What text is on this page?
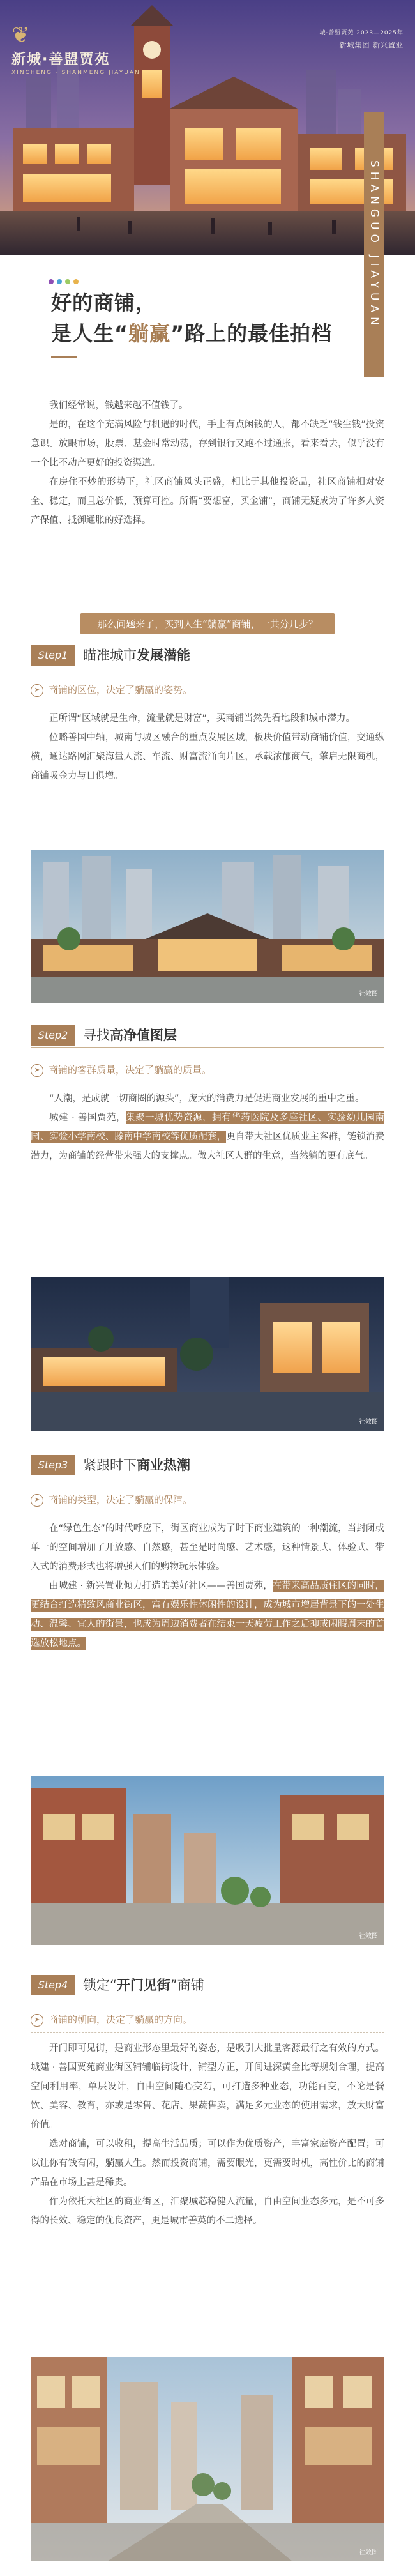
❦
新城·善盟贾苑
XINCHENG · SHANMENG JIAYUAN
城·善盟贾苑 2023—2025年
新城集团 新兴置业
SHANGUO JIAYUAN
好的商铺，
是人生“躺赢”路上的最佳拍档

我们经常说，钱越来越不值钱了。

是的，在这个充满风险与机遇的时代，手上有点闲钱的人，都不缺乏“钱生钱”投资意识。放眼市场，股票、基金时常动荡，存到银行又跑不过通胀，看来看去，似乎没有一个比不动产更好的投资渠道。

在房住不炒的形势下，社区商铺风头正盛，相比于其他投资品，社区商铺相对安全、稳定，而且总价低，预算可控。所谓“要想富，买金铺”，商铺无疑成为了许多人资产保值、抵御通胀的好选择。

那么问题来了，买到人生“躺赢”商铺，一共分几步？
Step1	瞄准城市发展潜能
➤ 商铺的区位，决定了躺赢的姿势。

正所谓“区域就是生命，流量就是财富”，买商铺当然先看地段和城市潜力。

位璐善国中轴，城南与城区融合的重点发展区域，板块价值带动商铺价值，交通纵横，通达路网汇聚海量人流、车流、财富流涌向片区，承载浓郁商气，擎启无限商机，商铺吸金力与日俱增。

社效图
Step2	寻找高净值图层
➤ 商铺的客群质量，决定了躺赢的质量。

“人潮，是成就一切商圈的源头”，庞大的消费力是促进商业发展的重中之重。

城建 · 善国贾苑，集聚一城优势资源，拥有华药医院及多座社区、实验幼儿园南园、实验小学南校、滕南中学南校等优质配套，更自带大社区优质业主客群，链锁消费潜力，为商铺的经营带来强大的支撑点。做大社区人群的生意，当然躺的更有底气。

社效图
Step3	紧跟时下商业热潮
➤ 商铺的类型，决定了躺赢的保障。

在“绿色生态”的时代呼应下，街区商业成为了时下商业建筑的一种潮流，当封闭或单一的空间增加了开放感、自然感，甚至是时尚感、艺术感，这种情景式、体验式、带入式的消费形式也将增强人们的购物玩乐体验。

由城建 · 新兴置业倾力打造的美好社区——善国贾苑，在带来高品质住区的同时，更结合打造精致风商业街区，富有娱乐性休闲性的设计，成为城市增居背景下的一处生动、温馨、宜人的街景，也成为周边消费者在结束一天疲劳工作之后抑或闲暇周末的首选放松地点。

社效图
Step4	锁定“开门见街”商铺
➤ 商铺的朝向，决定了躺赢的方向。

开门即可见街，是商业形态里最好的姿态，是吸引大批量客源最行之有效的方式。城建 · 善国贾苑商业街区铺铺临街设计，铺型方正，开间进深黄金比等规划合理，提高空间利用率，单层设计，自由空间随心变幻，可打造多种业态，功能百变，不论是餐饮、美容、教育，亦或是零售、花店、果蔬售卖，满足多元业态的使用需求，放大财富价值。

选对商铺，可以收租，提高生活品质；可以作为优质资产，丰富家庭资产配置；可以让你有钱有闲，躺赢人生。然而投资商铺，需要眼光，更需要时机，高性价比的商铺产品在市场上甚是稀贵。

作为依托大社区的商业街区，汇聚城芯稳健人流量，自由空间业态多元，是不可多得的长效、稳定的优良资产，更是城市善英的不二选择。

社效图
